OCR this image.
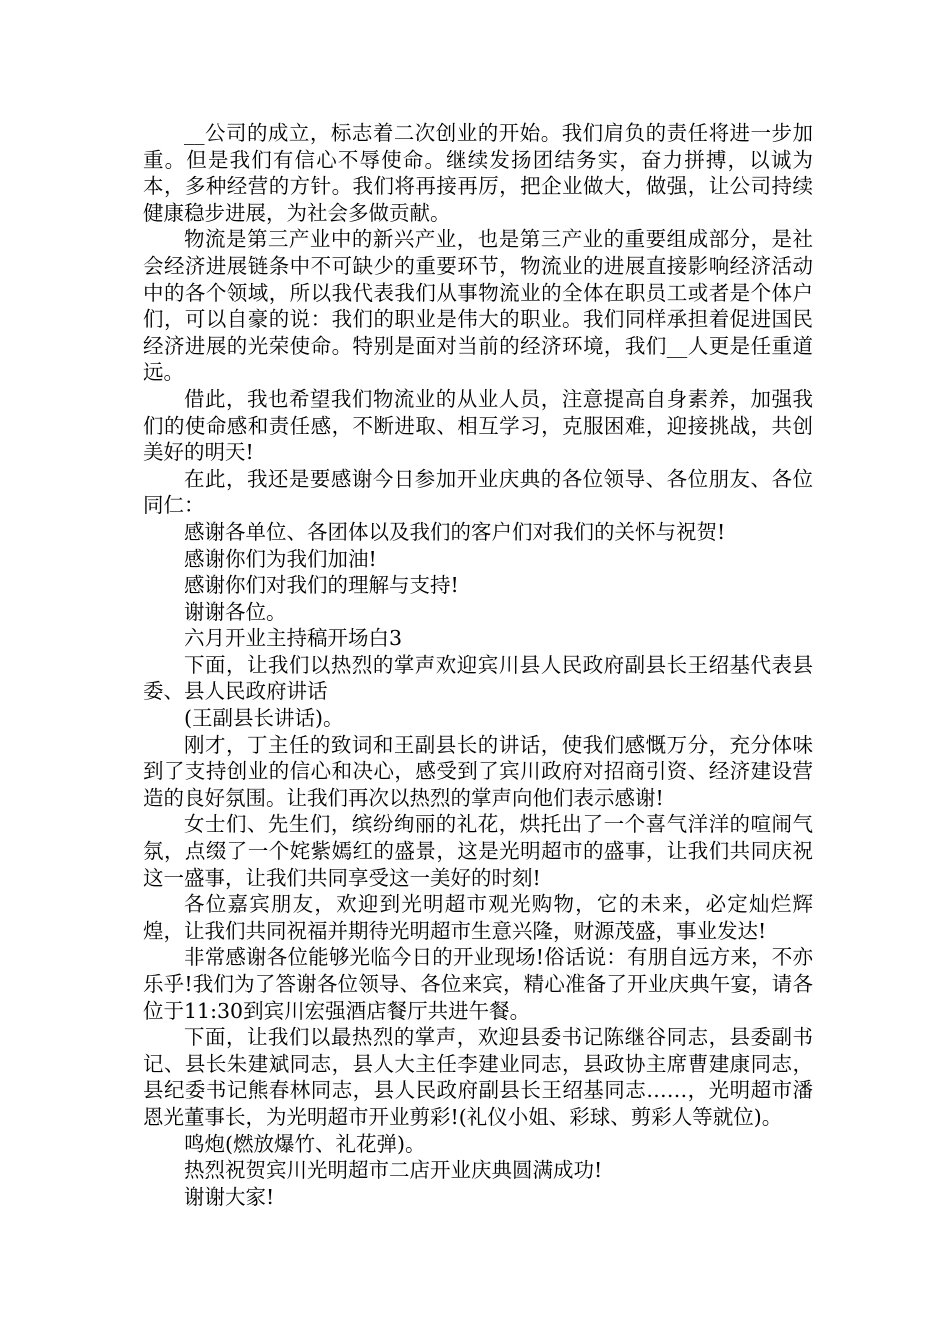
__公司的成立，标志着二次创业的开始。我们肩负的责任将进一步加重。但是我们有信心不辱使命。继续发扬团结务实，奋力拼搏，以诚为本，多种经营的方针。我们将再接再厉，把企业做大，做强，让公司持续健康稳步进展，为社会多做贡献。

物流是第三产业中的新兴产业，也是第三产业的重要组成部分，是社会经济进展链条中不可缺少的重要环节，物流业的进展直接影响经济活动中的各个领域，所以我代表我们从事物流业的全体在职员工或者是个体户们，可以自豪的说：我们的职业是伟大的职业。我们同样承担着促进国民经济进展的光荣使命。特别是面对当前的经济环境，我们__人更是任重道远。

借此，我也希望我们物流业的从业人员，注意提高自身素养，加强我们的使命感和责任感，不断进取、相互学习，克服困难，迎接挑战，共创美好的明天!

在此，我还是要感谢今日参加开业庆典的各位领导、各位朋友、各位同仁：

感谢各单位、各团体以及我们的客户们对我们的关怀与祝贺!

感谢你们为我们加油!

感谢你们对我们的理解与支持!

谢谢各位。

六月开业主持稿开场白3

下面，让我们以热烈的掌声欢迎宾川县人民政府副县长王绍基代表县委、县人民政府讲话

(王副县长讲话)。

刚才，丁主任的致词和王副县长的讲话，使我们感慨万分，充分体味到了支持创业的信心和决心，感受到了宾川政府对招商引资、经济建设营造的良好氛围。让我们再次以热烈的掌声向他们表示感谢!

女士们、先生们，缤纷绚丽的礼花，烘托出了一个喜气洋洋的喧闹气氛，点缀了一个姹紫嫣红的盛景，这是光明超市的盛事，让我们共同庆祝这一盛事，让我们共同享受这一美好的时刻!

各位嘉宾朋友，欢迎到光明超市观光购物，它的未来，必定灿烂辉煌，让我们共同祝福并期待光明超市生意兴隆，财源茂盛，事业发达!

非常感谢各位能够光临今日的开业现场!俗话说：有朋自远方来，不亦乐乎!我们为了答谢各位领导、各位来宾，精心准备了开业庆典午宴，请各位于11:30到宾川宏强酒店餐厅共进午餐。

下面，让我们以最热烈的掌声，欢迎县委书记陈继谷同志，县委副书记、县长朱建斌同志，县人大主任李建业同志，县政协主席曹建康同志，县纪委书记熊春林同志，县人民政府副县长王绍基同志……，光明超市潘恩光董事长，为光明超市开业剪彩!(礼仪小姐、彩球、剪彩人等就位)。

鸣炮(燃放爆竹、礼花弹)。

热烈祝贺宾川光明超市二店开业庆典圆满成功!

谢谢大家!
